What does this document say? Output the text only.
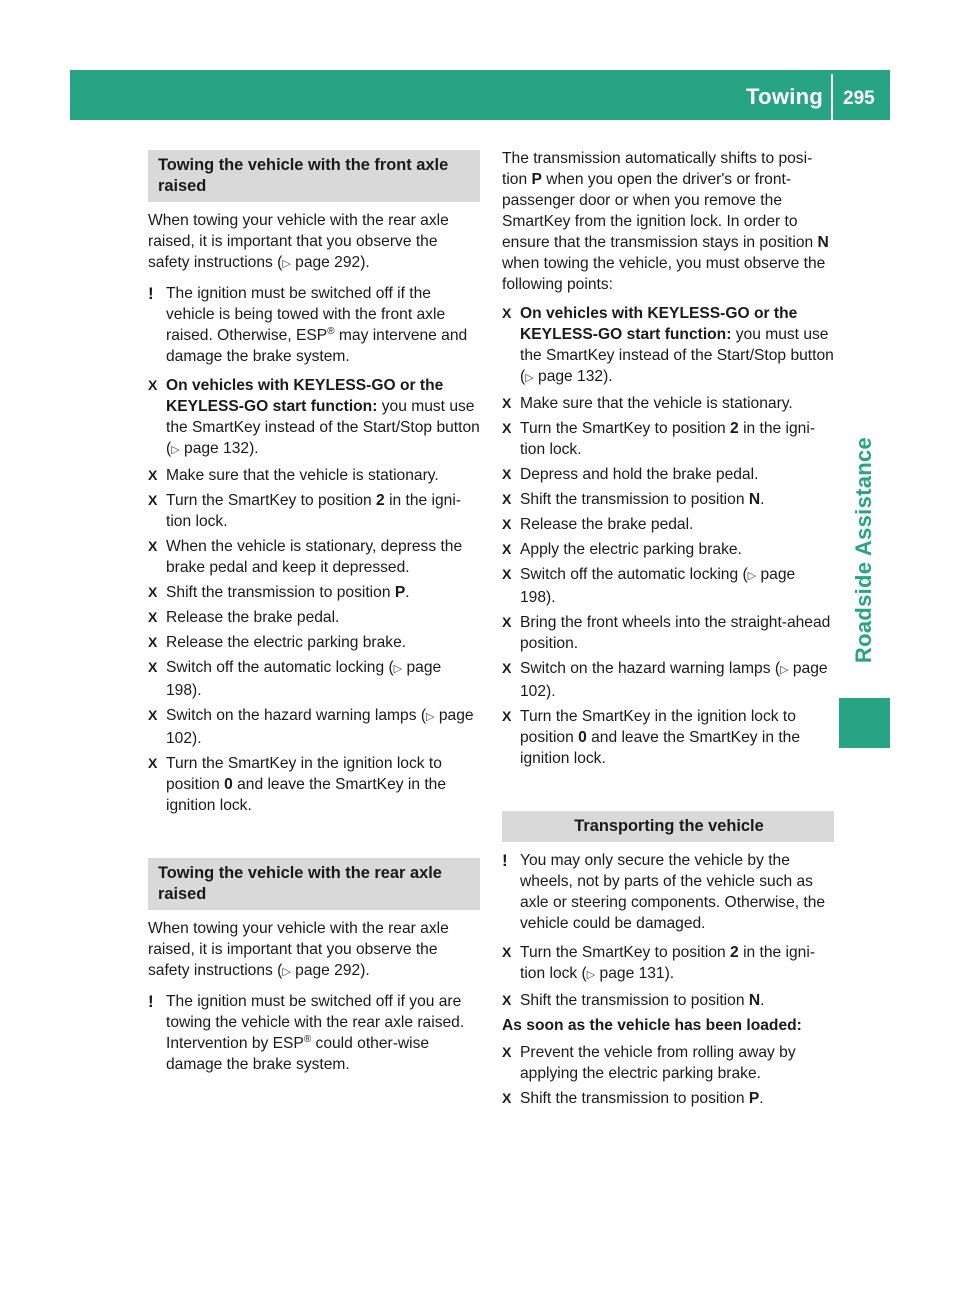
Towing 295
Roadside Assistance
Towing the vehicle with the front axle raised

When towing your vehicle with the rear axle raised, it is important that you observe the safety instructions (▷ page 292).

! The ignition must be switched off if the vehicle is being towed with the front axle raised. Otherwise, ESP® may intervene and damage the brake system.
X On vehicles with KEYLESS-GO or the KEYLESS-GO start function: you must use the SmartKey instead of the Start/Stop button (▷ page 132).
X Make sure that the vehicle is stationary.
X Turn the SmartKey to position 2 in the igni-tion lock.
X When the vehicle is stationary, depress the brake pedal and keep it depressed.
X Shift the transmission to position P.
X Release the brake pedal.
X Release the electric parking brake.
X Switch off the automatic locking (▷ page 198).
X Switch on the hazard warning lamps (▷ page 102).
X Turn the SmartKey in the ignition lock to position 0 and leave the SmartKey in the ignition lock.
Towing the vehicle with the rear axle raised

When towing your vehicle with the rear axle raised, it is important that you observe the safety instructions (▷ page 292).

! The ignition must be switched off if you are towing the vehicle with the rear axle raised. Intervention by ESP® could other-wise damage the brake system.

The transmission automatically shifts to posi-tion P when you open the driver's or front-passenger door or when you remove the SmartKey from the ignition lock. In order to ensure that the transmission stays in position N when towing the vehicle, you must observe the following points:

X On vehicles with KEYLESS-GO or the KEYLESS-GO start function: you must use the SmartKey instead of the Start/Stop button (▷ page 132).
X Make sure that the vehicle is stationary.
X Turn the SmartKey to position 2 in the igni-tion lock.
X Depress and hold the brake pedal.
X Shift the transmission to position N.
X Release the brake pedal.
X Apply the electric parking brake.
X Switch off the automatic locking (▷ page 198).
X Bring the front wheels into the straight-ahead position.
X Switch on the hazard warning lamps (▷ page 102).
X Turn the SmartKey in the ignition lock to position 0 and leave the SmartKey in the ignition lock.
Transporting the vehicle
! You may only secure the vehicle by the wheels, not by parts of the vehicle such as axle or steering components. Otherwise, the vehicle could be damaged.
X Turn the SmartKey to position 2 in the igni-tion lock (▷ page 131).
X Shift the transmission to position N.
As soon as the vehicle has been loaded:
X Prevent the vehicle from rolling away by applying the electric parking brake.
X Shift the transmission to position P.
